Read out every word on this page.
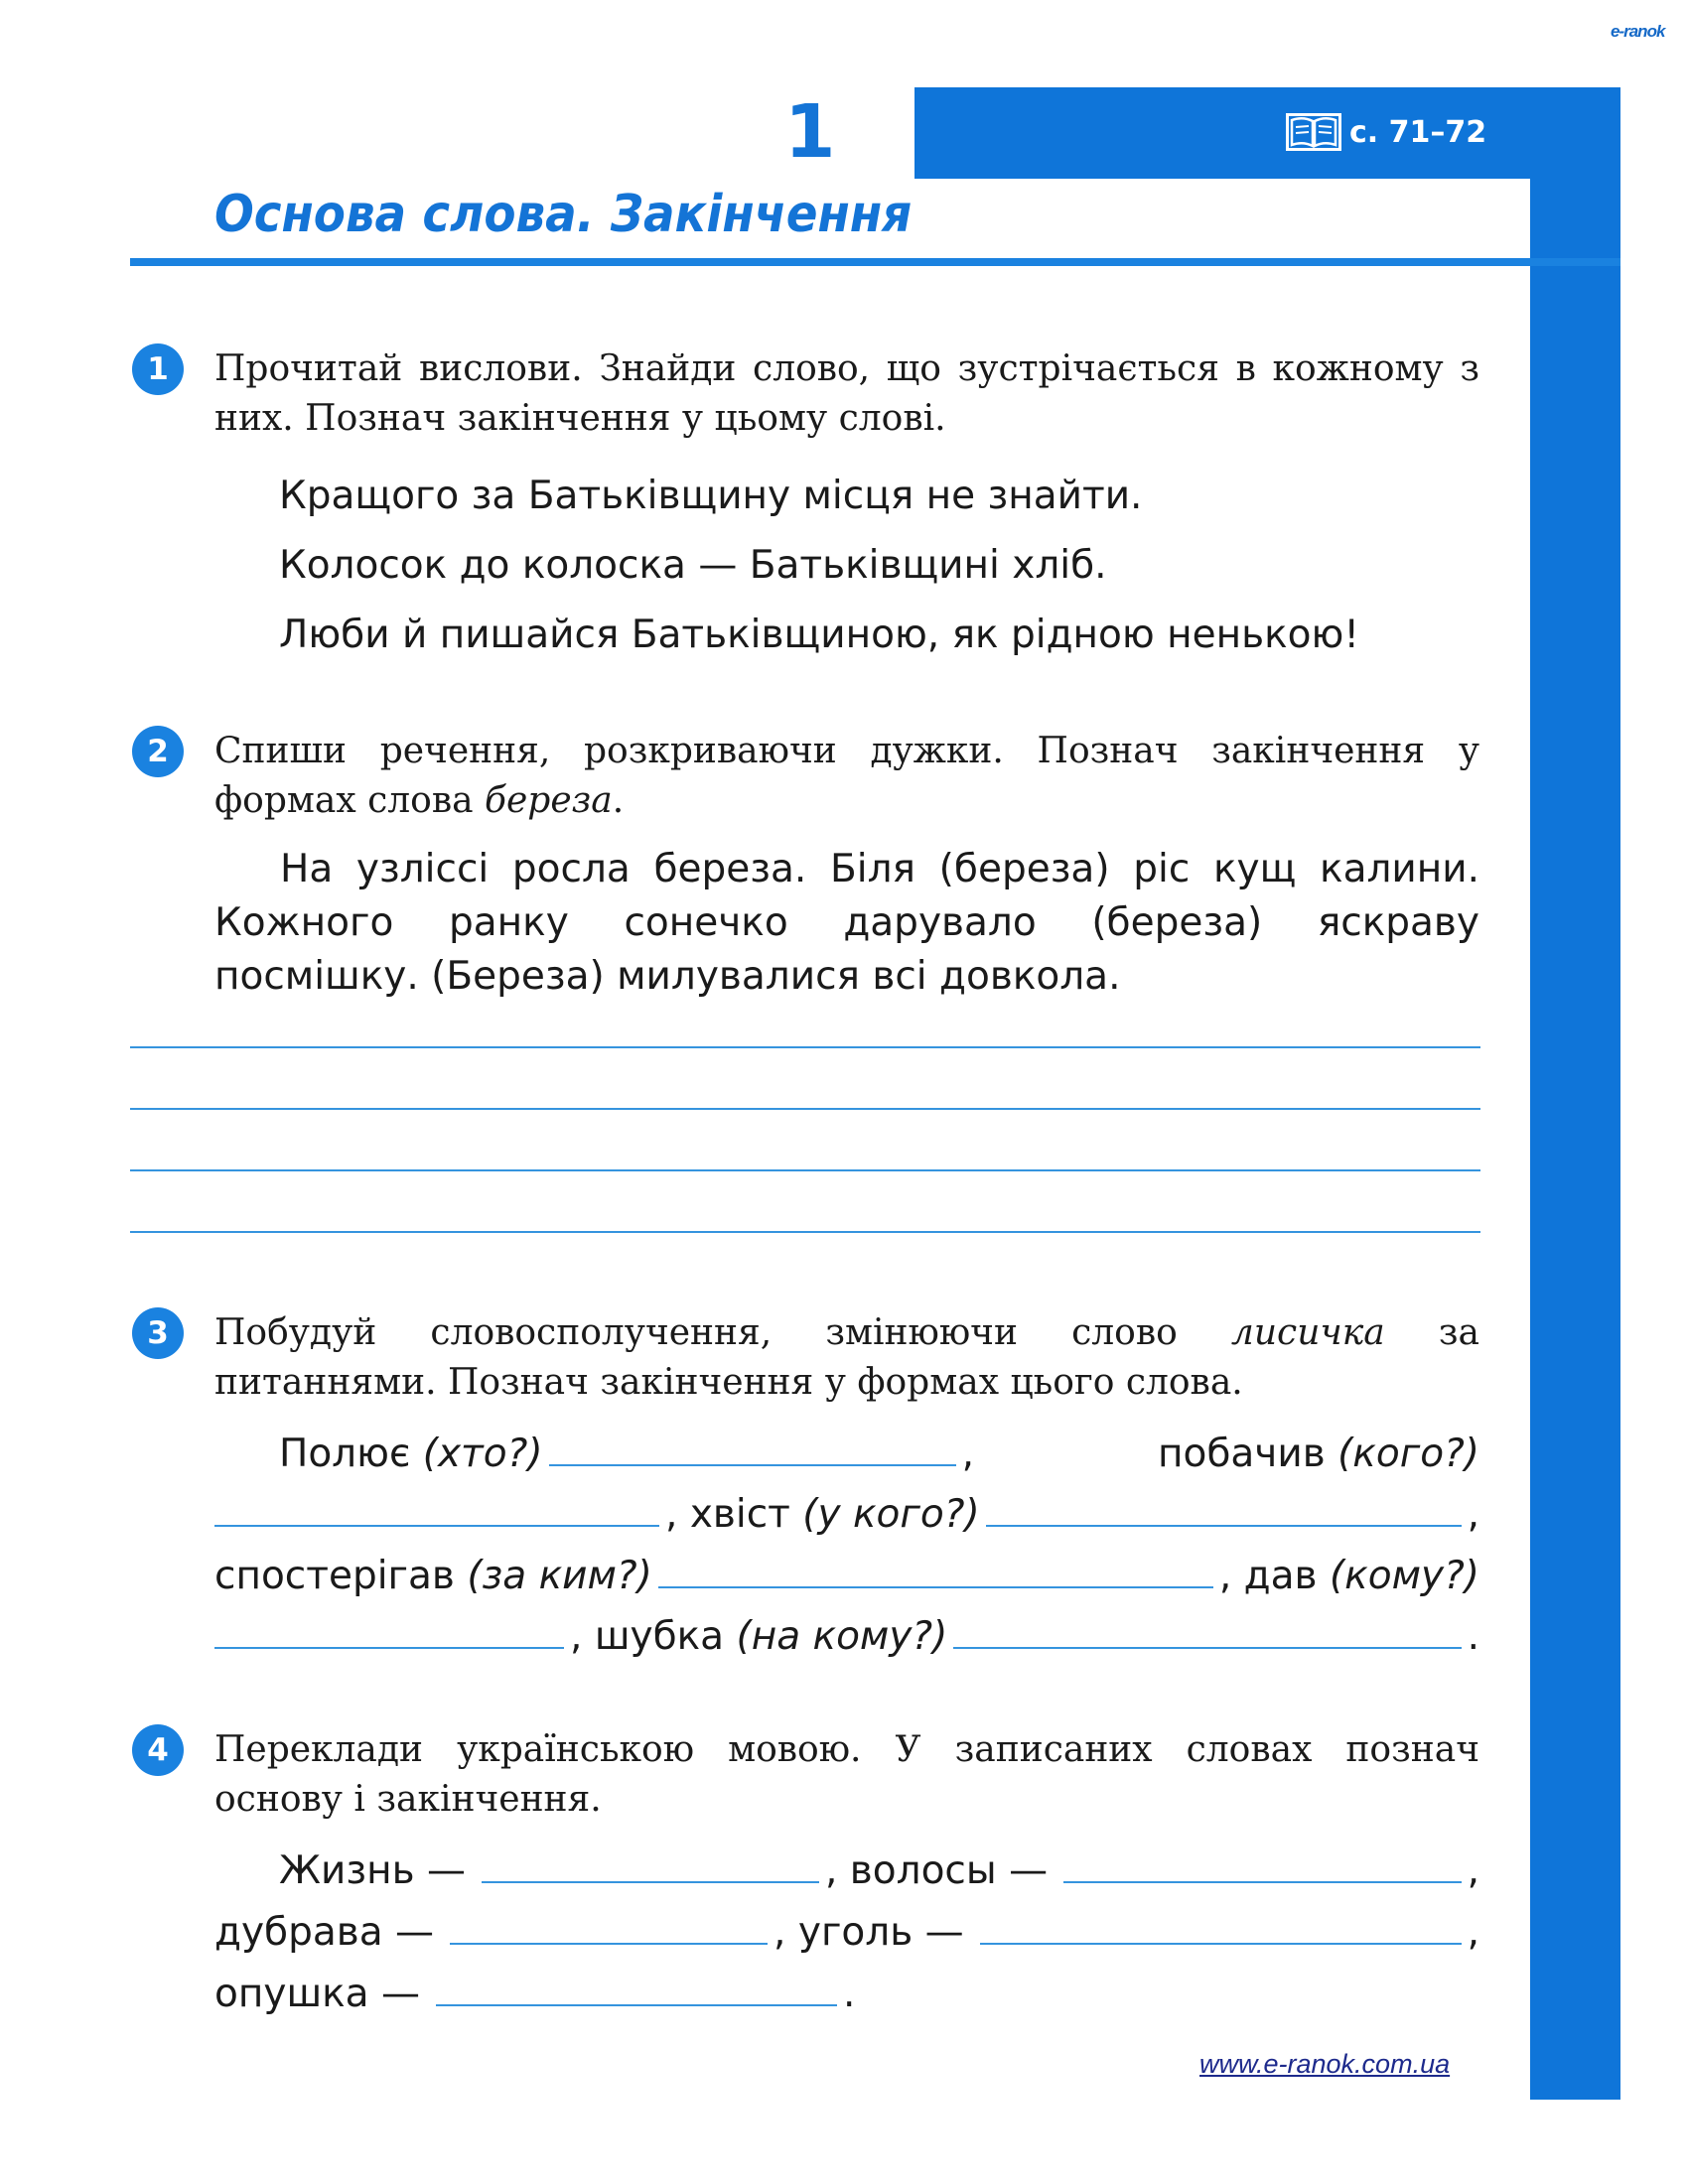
e-ranok
1	с. 71–72
Основа слова. Закінчення
1	Прочитай вислови. Знайди слово, що зустрічається в кожному з них. Познач закінчення у цьому слові.

Кращого за Батьківщину місця не знайти.

Колосок до колоска — Батьківщині хліб.

Люби й пишайся Батьківщиною, як рідною ненькою!

2	Спиши речення, розкриваючи дужки. Познач закінчення у формах слова береза.

На узліссі росла береза. Біля (береза) ріс кущ калини. Кожного ранку сонечко дарувало (береза) яскраву посмішку. (Береза) милувалися всі довкола.

3	Побудуй словосполучення, змінюючи слово лисичка за питаннями. Познач закінчення у формах цього слова.

Полює
(хто?)	,
	побачив (кого?)
,
хвіст
(у кого?)	,
спостерігав
(за ким?)	,
дав
(кому?)
,
шубка
(на кому?)	.
4	Переклади українською мовою. У записаних словах познач основу і закінчення.

Жизнь —	,
волосы —	,
дубрава —	,
уголь —	,
опушка —	.
www.e-ranok.com.ua
